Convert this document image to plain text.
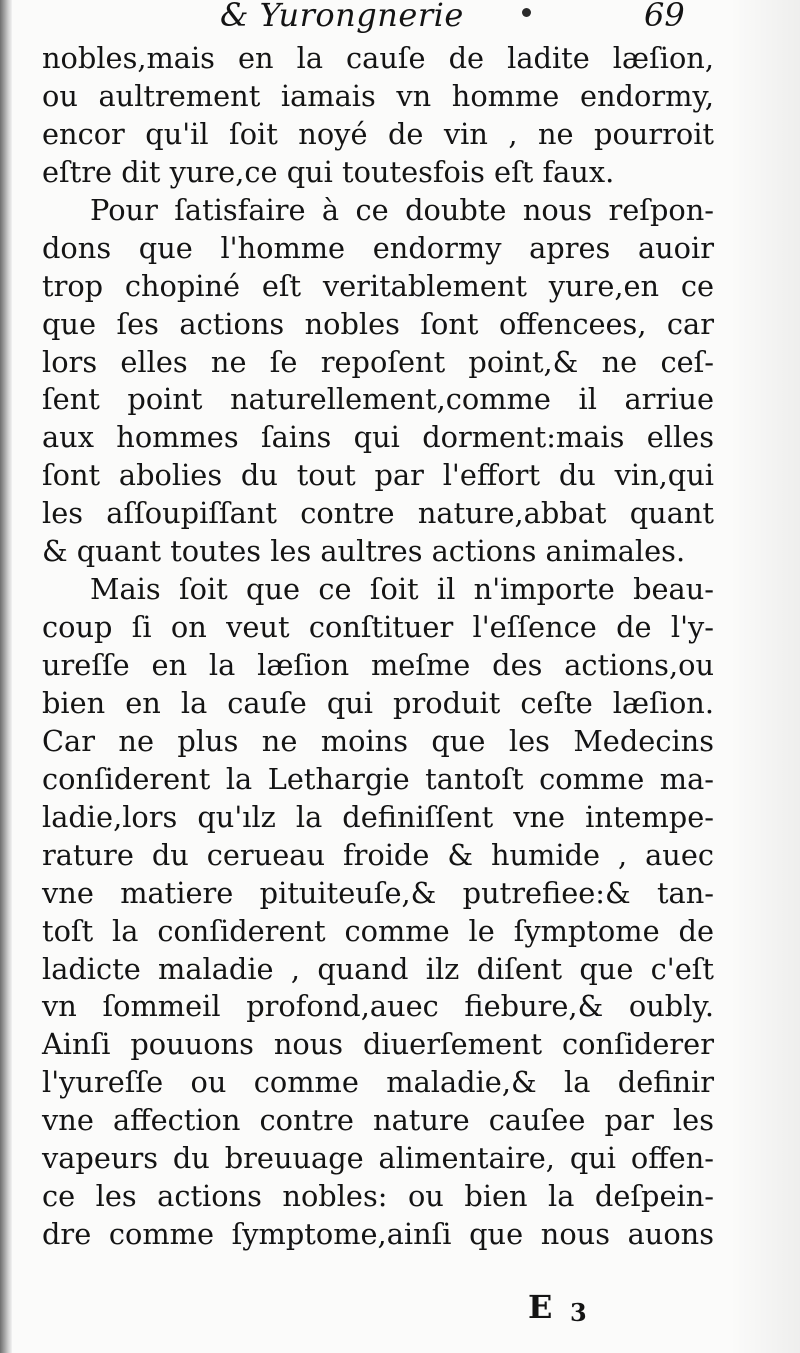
& Yurongnerie	69
nobles,mais en la cauſe de ladite læſion,
ou aultrement iamais vn homme endormy,
encor qu'il ſoit noyé de vin , ne pourroit
eſtre dit yure,ce qui toutesfois eſt faux.
Pour ſatisfaire à ce doubte nous reſpon-
dons que l'homme endormy apres auoir
trop chopiné eſt veritablement yure,en ce
que ſes actions nobles ſont offencees, car
lors elles ne ſe repoſent point,& ne ceſ-
ſent point naturellement,comme il arriue
aux hommes ſains qui dorment:mais elles
ſont abolies du tout par l'effort du vin,qui
les aſſoupiſſant contre nature,abbat quant
& quant toutes les aultres actions animales.
Mais ſoit que ce ſoit il n'importe beau-
coup ſi on veut conſtituer l'eſſence de l'y-
ureſſe en la læſion meſme des actions,ou
bien en la cauſe qui produit ceſte læſion.
Car ne plus ne moins que les Medecins
conſiderent la Lethargie tantoſt comme ma-
ladie,lors qu'ılz la definiſſent vne intempe-
rature du cerueau froide & humide , auec
vne matiere pituiteuſe,& putrefiee:& tan-
toſt la conſiderent comme le ſymptome de
ladicte maladie , quand ilz diſent que c'eſt
vn ſommeil profond,auec fiebure,& oubly.
Ainſi pouuons nous diuerſement conſiderer
l'yureſſe ou comme maladie,& la definir
vne affection contre nature cauſee par les
vapeurs du breuuage alimentaire, qui offen-
ce les actions nobles: ou bien la deſpein-
dre comme ſymptome,ainſi que nous auons
E 3
